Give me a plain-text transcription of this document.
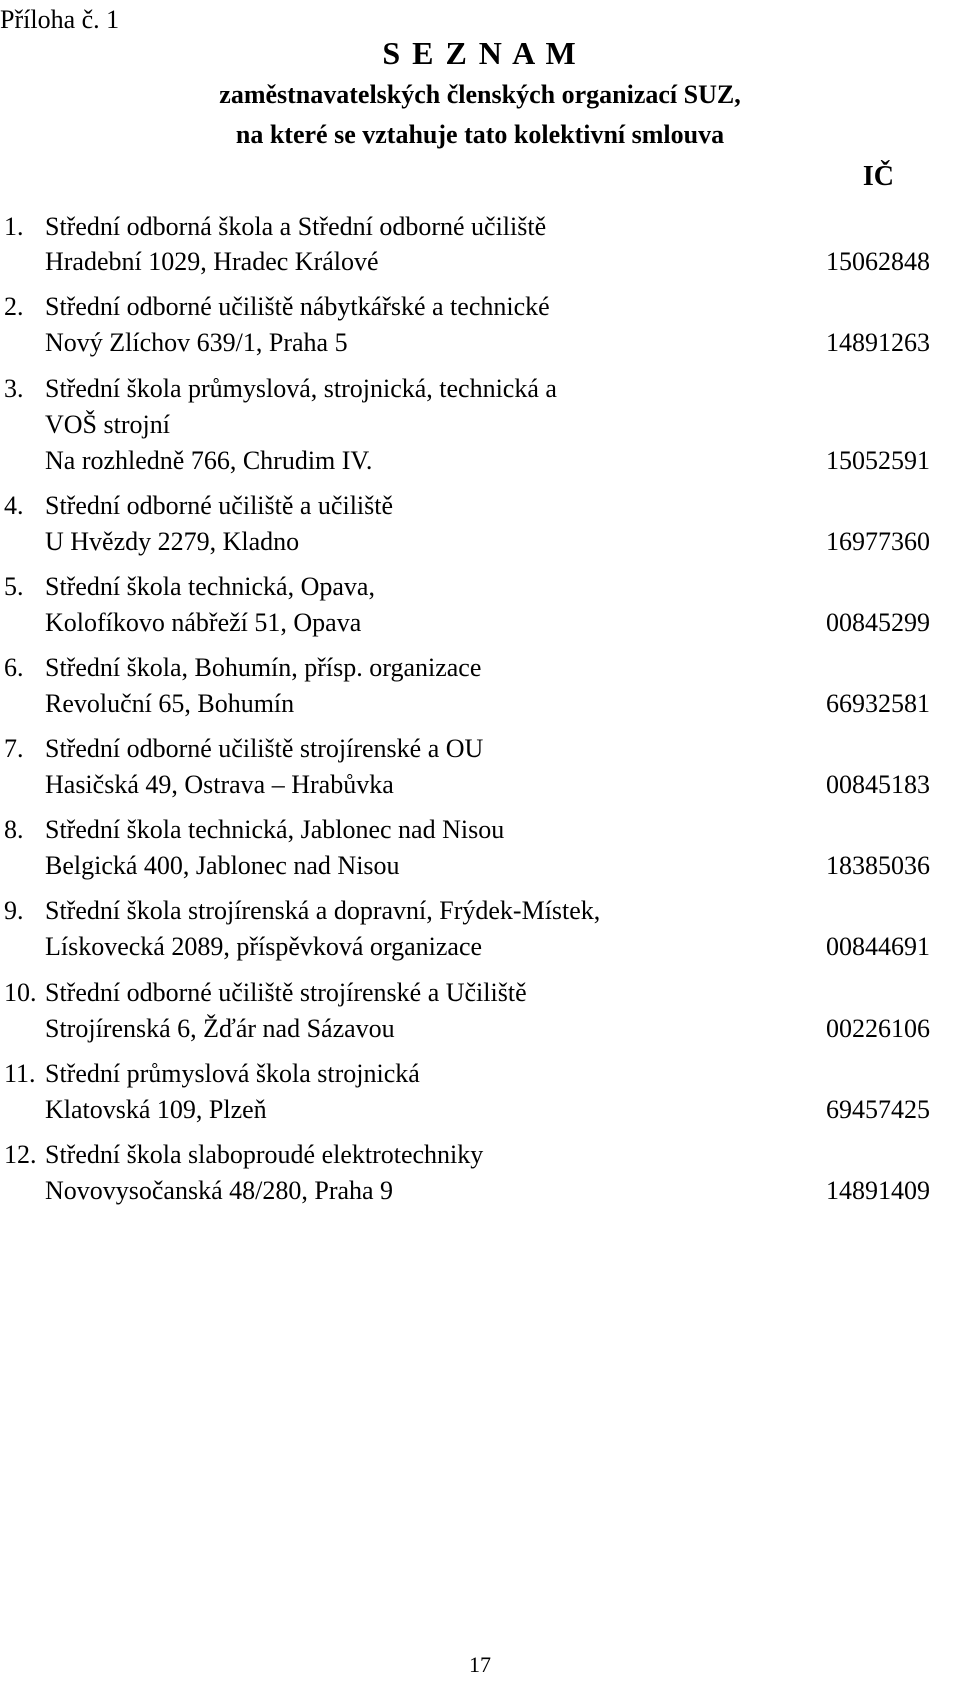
Příloha č. 1
S E Z N A M
zaměstnavatelských členských organizací SUZ,
na které se vztahuje tato kolektivní smlouva
IČ
1. Střední odborná škola a Střední odborné učiliště
Hradební 1029, Hradec Králové	15062848
2. Střední odborné učiliště nábytkářské a technické
Nový Zlíchov 639/1, Praha 5	14891263
3. Střední škola průmyslová, strojnická, technická a
VOŠ strojní
Na rozhledně 766, Chrudim IV.	15052591
4. Střední odborné učiliště a učiliště
U Hvězdy 2279, Kladno	16977360
5. Střední škola technická, Opava,
Kolofíkovo nábřeží 51, Opava	00845299
6. Střední škola, Bohumín, přísp. organizace
Revoluční 65, Bohumín	66932581
7. Střední odborné učiliště strojírenské a OU
Hasičská 49, Ostrava – Hrabůvka	00845183
8. Střední škola technická, Jablonec nad Nisou
Belgická 400, Jablonec nad Nisou	18385036
9. Střední škola strojírenská a dopravní, Frýdek-Místek,
Lískovecká 2089, příspěvková organizace	00844691
10. Střední odborné učiliště strojírenské a Učiliště
Strojírenská 6, Žďár nad Sázavou	00226106
11. Střední průmyslová škola strojnická
Klatovská 109, Plzeň	69457425
12. Střední škola slaboproudé elektrotechniky
Novovysočanská 48/280, Praha 9	14891409
17
